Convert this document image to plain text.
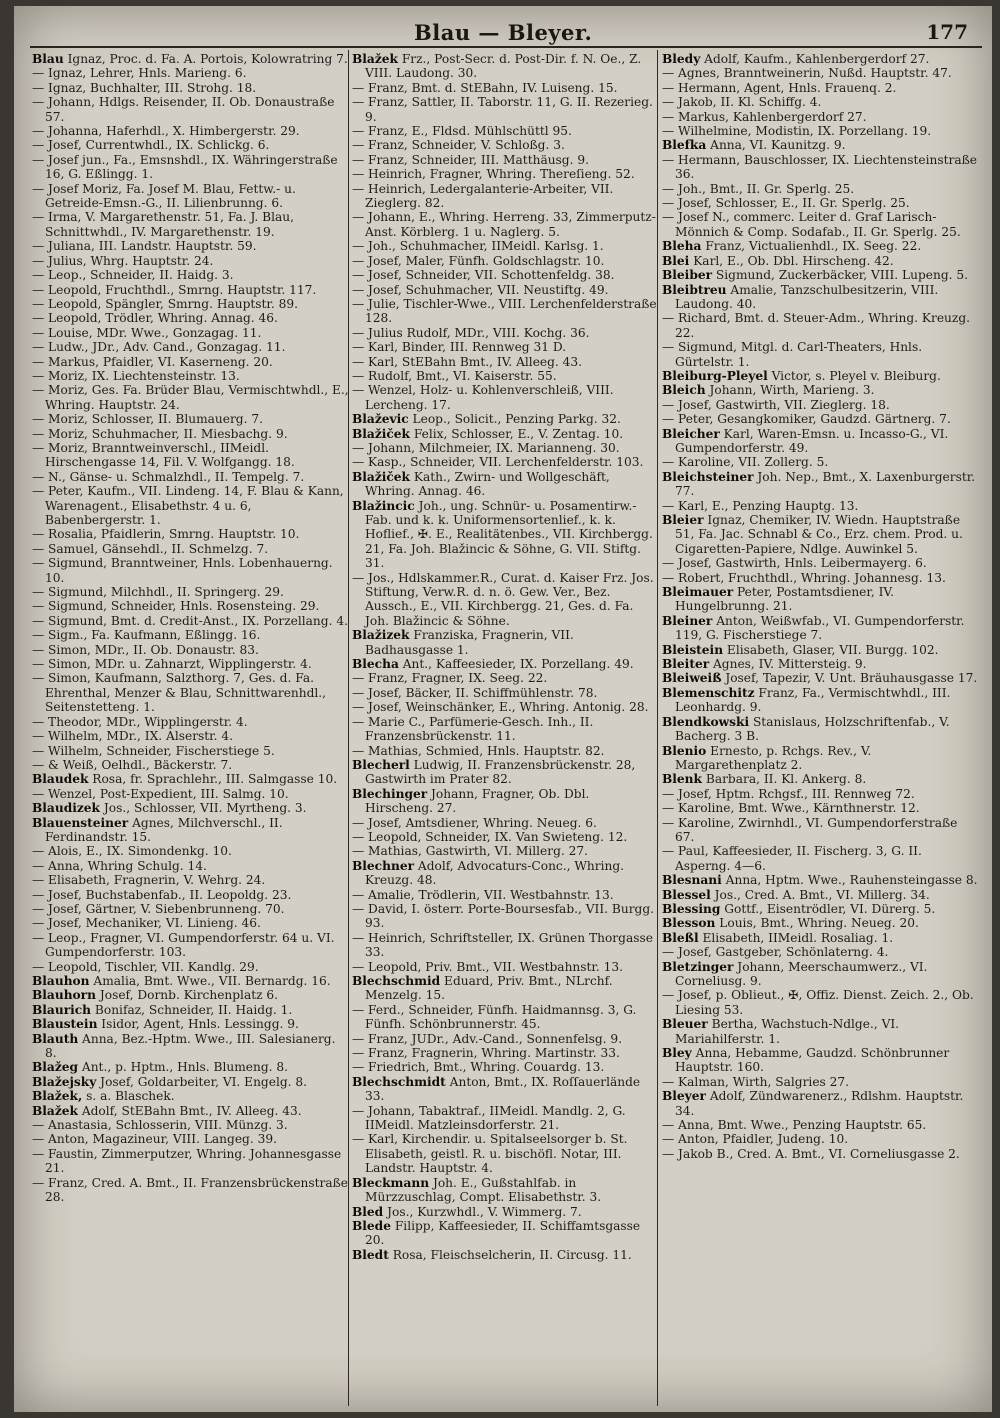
Blau — Bleyer.	177
Blau Ignaz, Proc. d. Fa. A. Portois, Kolowratring 7.
— Ignaz, Lehrer, Hnls. Marieng. 6.
— Ignaz, Buchhalter, III. Strohg. 18.
— Johann, Hdlgs. Reisender, II. Ob. Donaustraße 57.
— Johanna, Haferhdl., X. Himbergerstr. 29.
— Josef, Currentwhdl., IX. Schlickg. 6.
— Josef jun., Fa., Emsnshdl., IX. Währingerstraße 16, G. Eßlingg. 1.
— Josef Moriz, Fa. Josef M. Blau, Fettw.- u. Getreide-Emsn.-G., II. Lilienbrunng. 6.
— Irma, V. Margarethenstr. 51, Fa. J. Blau, Schnittwhdl., IV. Margarethenstr. 19.
— Juliana, III. Landstr. Hauptstr. 59.
— Julius, Whrg. Hauptstr. 24.
— Leop., Schneider, II. Haidg. 3.
— Leopold, Fruchthdl., Smrng. Hauptstr. 117.
— Leopold, Spängler, Smrng. Hauptstr. 89.
— Leopold, Trödler, Whring. Annag. 46.
— Louise, MDr. Wwe., Gonzagag. 11.
— Ludw., JDr., Adv. Cand., Gonzagag. 11.
— Markus, Pfaidler, VI. Kaserneng. 20.
— Moriz, IX. Liechtensteinstr. 13.
— Moriz, Ges. Fa. Brüder Blau, Vermischtwhdl., E., Whring. Hauptstr. 24.
— Moriz, Schlosser, II. Blumauerg. 7.
— Moriz, Schuhmacher, II. Miesbachg. 9.
— Moriz, Branntweinverschl., IIMeidl. Hirschengasse 14, Fil. V. Wolfgangg. 18.
— N., Gänse- u. Schmalzhdl., II. Tempelg. 7.
— Peter, Kaufm., VII. Lindeng. 14, F. Blau & Kann, Warenagent., Elisabethstr. 4 u. 6, Babenbergerstr. 1.
— Rosalia, Pfaidlerin, Smrng. Hauptstr. 10.
— Samuel, Gänsehdl., II. Schmelzg. 7.
— Sigmund, Branntweiner, Hnls. Lobenhauerng. 10.
— Sigmund, Milchhdl., II. Springerg. 29.
— Sigmund, Schneider, Hnls. Rosensteing. 29.
— Sigmund, Bmt. d. Credit-Anst., IX. Porzellang. 4.
— Sigm., Fa. Kaufmann, Eßlingg. 16.
— Simon, MDr., II. Ob. Donaustr. 83.
— Simon, MDr. u. Zahnarzt, Wipplingerstr. 4.
— Simon, Kaufmann, Salzthorg. 7, Ges. d. Fa. Ehrenthal, Menzer & Blau, Schnittwarenhdl., Seitenstetteng. 1.
— Theodor, MDr., Wipplingerstr. 4.
— Wilhelm, MDr., IX. Alserstr. 4.
— Wilhelm, Schneider, Fischerstiege 5.
— & Weiß, Oelhdl., Bäckerstr. 7.
Blaudek Rosa, fr. Sprachlehr., III. Salmgasse 10.
— Wenzel, Post-Expedient, III. Salmg. 10.
Blaudizek Jos., Schlosser, VII. Myrtheng. 3.
Blauensteiner Agnes, Milchverschl., II. Ferdinandstr. 15.
— Alois, E., IX. Simondenkg. 10.
— Anna, Whring Schulg. 14.
— Elisabeth, Fragnerin, V. Wehrg. 24.
— Josef, Buchstabenfab., II. Leopoldg. 23.
— Josef, Gärtner, V. Siebenbrunneng. 70.
— Josef, Mechaniker, VI. Linieng. 46.
— Leop., Fragner, VI. Gumpendorferstr. 64 u. VI. Gumpendorferstr. 103.
— Leopold, Tischler, VII. Kandlg. 29.
Blauhon Amalia, Bmt. Wwe., VII. Bernardg. 16.
Blauhorn Josef, Dornb. Kirchenplatz 6.
Blaurich Bonifaz, Schneider, II. Haidg. 1.
Blaustein Isidor, Agent, Hnls. Lessingg. 9.
Blauth Anna, Bez.-Hptm. Wwe., III. Salesianerg. 8.
Blažeg Ant., p. Hptm., Hnls. Blumeng. 8.
Blažejsky Josef, Goldarbeiter, VI. Engelg. 8.
Blažek, s. a. Blaschek.
Blažek Adolf, StEBahn Bmt., IV. Alleeg. 43.
— Anastasia, Schlosserin, VIII. Münzg. 3.
— Anton, Magazineur, VIII. Langeg. 39.
— Faustin, Zimmerputzer, Whring. Johannesgasse 21.
— Franz, Cred. A. Bmt., II. Franzensbrückenstraße 28.
Blažek Frz., Post-Secr. d. Post-Dir. f. N. Oe., Z. VIII. Laudong. 30.
— Franz, Bmt. d. StEBahn, IV. Luiseng. 15.
— Franz, Sattler, II. Taborstr. 11, G. II. Rezerieg. 9.
— Franz, E., Fldsd. Mühlschüttl 95.
— Franz, Schneider, V. Schloßg. 3.
— Franz, Schneider, III. Matthäusg. 9.
— Heinrich, Fragner, Whring. Thereſieng. 52.
— Heinrich, Ledergalanterie-Arbeiter, VII. Zieglerg. 82.
— Johann, E., Whring. Herreng. 33, Zimmerputz-Anst. Körblerg. 1 u. Naglerg. 5.
— Joh., Schuhmacher, IIMeidl. Karlsg. 1.
— Josef, Maler, Fünfh. Goldschlagstr. 10.
— Josef, Schneider, VII. Schottenfeldg. 38.
— Josef, Schuhmacher, VII. Neustiftg. 49.
— Julie, Tischler-Wwe., VIII. Lerchenfelderstraße 128.
— Julius Rudolf, MDr., VIII. Kochg. 36.
— Karl, Binder, III. Rennweg 31 D.
— Karl, StEBahn Bmt., IV. Alleeg. 43.
— Rudolf, Bmt., VI. Kaiserstr. 55.
— Wenzel, Holz- u. Kohlenverschleiß, VIII. Lercheng. 17.
Blaževic Leop., Solicit., Penzing Parkg. 32.
Blažiček Felix, Schlosser, E., V. Zentag. 10.
— Johann, Milchmeier, IX. Marianneng. 30.
— Kasp., Schneider, VII. Lerchenfelderstr. 103.
Blažiček Kath., Zwirn- und Wollgeschäft, Whring. Annag. 46.
Blažincic Joh., ung. Schnür- u. Posamentirw.-Fab. und k. k. Uniformensortenlief., k. k. Hoflief., ✠. E., Realitätenbes., VII. Kirchbergg. 21, Fa. Joh. Blažincic & Söhne, G. VII. Stiftg. 31.
— Jos., Hdlskammer.R., Curat. d. Kaiser Frz. Jos. Stiftung, Verw.R. d. n. ö. Gew. Ver., Bez. Aussch., E., VII. Kirchbergg. 21, Ges. d. Fa. Joh. Blažincic & Söhne.
Blažizek Franziska, Fragnerin, VII. Badhausgasse 1.
Blecha Ant., Kaffeesieder, IX. Porzellang. 49.
— Franz, Fragner, IX. Seeg. 22.
— Josef, Bäcker, II. Schiffmühlenstr. 78.
— Josef, Weinschänker, E., Whring. Antonig. 28.
— Marie C., Parfümerie-Gesch. Inh., II. Franzensbrückenstr. 11.
— Mathias, Schmied, Hnls. Hauptstr. 82.
Blecherl Ludwig, II. Franzensbrückenstr. 28, Gastwirth im Prater 82.
Blechinger Johann, Fragner, Ob. Dbl. Hirscheng. 27.
— Josef, Amtsdiener, Whring. Neueg. 6.
— Leopold, Schneider, IX. Van Swieteng. 12.
— Mathias, Gastwirth, VI. Millerg. 27.
Blechner Adolf, Advocaturs-Conc., Whring. Kreuzg. 48.
— Amalie, Trödlerin, VII. Westbahnstr. 13.
— David, I. österr. Porte-Boursesfab., VII. Burgg. 93.
— Heinrich, Schriftsteller, IX. Grünen Thorgasse 33.
— Leopold, Priv. Bmt., VII. Westbahnstr. 13.
Blechschmid Eduard, Priv. Bmt., NLrchf. Menzelg. 15.
— Ferd., Schneider, Fünfh. Haidmannsg. 3, G. Fünfh. Schönbrunnerstr. 45.
— Franz, JUDr., Adv.-Cand., Sonnenfelsg. 9.
— Franz, Fragnerin, Whring. Martinstr. 33.
— Friedrich, Bmt., Whring. Couardg. 13.
Blechschmidt Anton, Bmt., IX. Roſſauerlände 33.
— Johann, Tabaktraf., IIMeidl. Mandlg. 2, G. IIMeidl. Matzleinsdorferstr. 21.
— Karl, Kirchendir. u. Spitalseelsorger b. St. Elisabeth, geistl. R. u. bischöfl. Notar, III. Landstr. Hauptstr. 4.
Bleckmann Joh. E., Gußstahlfab. in Mürzzuschlag, Compt. Elisabethstr. 3.
Bled Jos., Kurzwhdl., V. Wimmerg. 7.
Blede Filipp, Kaffeesieder, II. Schiffamtsgasse 20.
Bledt Rosa, Fleischselcherin, II. Circusg. 11.
Bledy Adolf, Kaufm., Kahlenbergerdorf 27.
— Agnes, Branntweinerin, Nußd. Hauptstr. 47.
— Hermann, Agent, Hnls. Frauenq. 2.
— Jakob, II. Kl. Schiffg. 4.
— Markus, Kahlenbergerdorf 27.
— Wilhelmine, Modistin, IX. Porzellang. 19.
Blefka Anna, VI. Kaunitzg. 9.
— Hermann, Bauschlosser, IX. Liechtensteinstraße 36.
— Joh., Bmt., II. Gr. Sperlg. 25.
— Josef, Schlosser, E., II. Gr. Sperlg. 25.
— Josef N., commerc. Leiter d. Graf Larisch-Mönnich & Comp. Sodafab., II. Gr. Sperlg. 25.
Bleha Franz, Victualienhdl., IX. Seeg. 22.
Blei Karl, E., Ob. Dbl. Hirscheng. 42.
Bleiber Sigmund, Zuckerbäcker, VIII. Lupeng. 5.
Bleibtreu Amalie, Tanzschulbesitzerin, VIII. Laudong. 40.
— Richard, Bmt. d. Steuer-Adm., Whring. Kreuzg. 22.
— Sigmund, Mitgl. d. Carl-Theaters, Hnls. Gürtelstr. 1.
Bleiburg-Pleyel Victor, s. Pleyel v. Bleiburg.
Bleich Johann, Wirth, Marieng. 3.
— Josef, Gastwirth, VII. Zieglerg. 18.
— Peter, Gesangkomiker, Gaudzd. Gärtnerg. 7.
Bleicher Karl, Waren-Emsn. u. Incasso-G., VI. Gumpendorferstr. 49.
— Karoline, VII. Zollerg. 5.
Bleichsteiner Joh. Nep., Bmt., X. Laxenburgerstr. 77.
— Karl, E., Penzing Hauptg. 13.
Bleier Ignaz, Chemiker, IV. Wiedn. Hauptstraße 51, Fa. Jac. Schnabl & Co., Erz. chem. Prod. u. Cigaretten-Papiere, Ndlge. Auwinkel 5.
— Josef, Gastwirth, Hnls. Leibermayerg. 6.
— Robert, Fruchthdl., Whring. Johannesg. 13.
Bleimauer Peter, Postamtsdiener, IV. Hungelbrunng. 21.
Bleiner Anton, Weißwfab., VI. Gumpendorferstr. 119, G. Fischerstiege 7.
Bleistein Elisabeth, Glaser, VII. Burgg. 102.
Bleiter Agnes, IV. Mittersteig. 9.
Bleiweiß Josef, Tapezir, V. Unt. Bräuhausgasse 17.
Blemenschitz Franz, Fa., Vermischtwhdl., III. Leonhardg. 9.
Blendkowski Stanislaus, Holzschriftenfab., V. Bacherg. 3 B.
Blenio Ernesto, p. Rchgs. Rev., V. Margarethenplatz 2.
Blenk Barbara, II. Kl. Ankerg. 8.
— Josef, Hptm. Rchgsf., III. Rennweg 72.
— Karoline, Bmt. Wwe., Kärnthnerstr. 12.
— Karoline, Zwirnhdl., VI. Gumpendorferstraße 67.
— Paul, Kaffeesieder, II. Fischerg. 3, G. II. Asperng. 4—6.
Blesnani Anna, Hptm. Wwe., Rauhensteingasse 8.
Blessel Jos., Cred. A. Bmt., VI. Millerg. 34.
Blessing Gottf., Eisentrödler, VI. Dürerg. 5.
Blesson Louis, Bmt., Whring. Neueg. 20.
Bleßl Elisabeth, IIMeidl. Rosaliag. 1.
— Josef, Gastgeber, Schönlaterng. 4.
Bletzinger Johann, Meerschaumwerz., VI. Corneliusg. 9.
— Josef, p. Oblieut., ✠, Offiz. Dienst. Zeich. 2., Ob. Liesing 53.
Bleuer Bertha, Wachstuch-Ndlge., VI. Mariahilferstr. 1.
Bley Anna, Hebamme, Gaudzd. Schönbrunner Hauptstr. 160.
— Kalman, Wirth, Salgries 27.
Bleyer Adolf, Zündwarenerz., Rdlshm. Hauptstr. 34.
— Anna, Bmt. Wwe., Penzing Hauptstr. 65.
— Anton, Pfaidler, Judeng. 10.
— Jakob B., Cred. A. Bmt., VI. Corneliusgasse 2.
